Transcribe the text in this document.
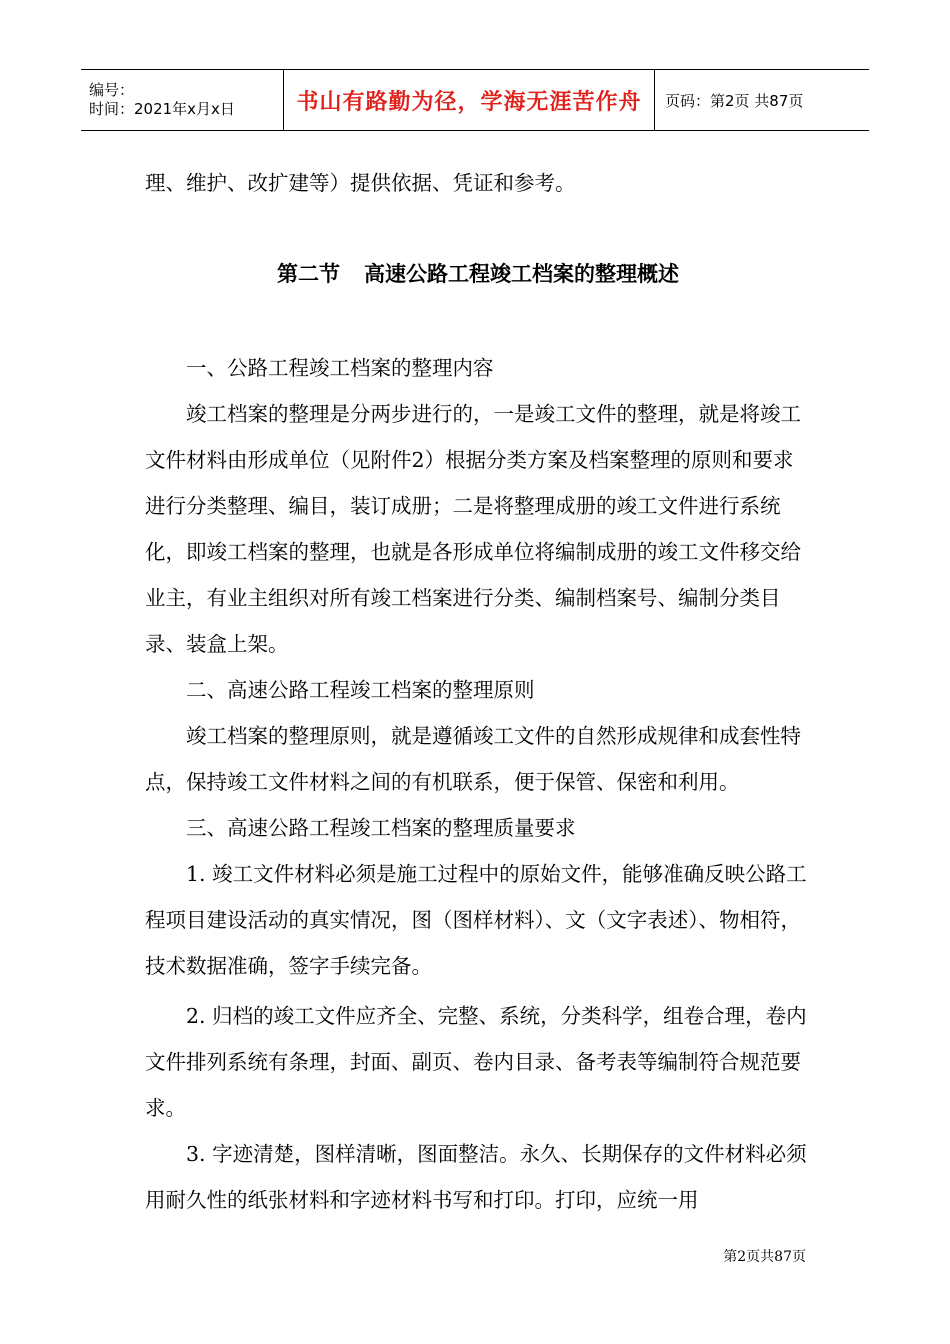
编号：
时间：2021年x月x日	书山有路勤为径，学海无涯苦作舟	页码：第2页 共87页

理、维护、改扩建等）提供依据、凭证和参考。

第二节 高速公路工程竣工档案的整理概述

一、公路工程竣工档案的整理内容

竣工档案的整理是分两步进行的，一是竣工文件的整理，就是将竣工文件材料由形成单位（见附件2）根据分类方案及档案整理的原则和要求进行分类整理、编目，装订成册；二是将整理成册的竣工文件进行系统化，即竣工档案的整理，也就是各形成单位将编制成册的竣工文件移交给业主，有业主组织对所有竣工档案进行分类、编制档案号、编制分类目录、装盒上架。

二、高速公路工程竣工档案的整理原则

竣工档案的整理原则，就是遵循竣工文件的自然形成规律和成套性特点，保持竣工文件材料之间的有机联系，便于保管、保密和利用。

三、高速公路工程竣工档案的整理质量要求

1. 竣工文件材料必须是施工过程中的原始文件，能够准确反映公路工程项目建设活动的真实情况，图（图样材料）、文（文字表述）、物相符，技术数据准确，签字手续完备。

2. 归档的竣工文件应齐全、完整、系统，分类科学，组卷合理，卷内文件排列系统有条理，封面、副页、卷内目录、备考表等编制符合规范要求。

3. 字迹清楚，图样清晰，图面整洁。永久、长期保存的文件材料必须用耐久性的纸张材料和字迹材料书写和打印。打印，应统一用

第2页共87页
